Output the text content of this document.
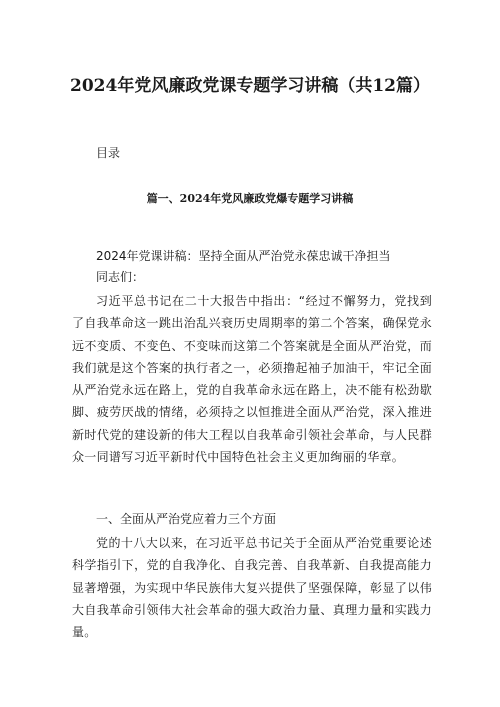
2024年党风廉政党课专题学习讲稿（共12篇）
目录
篇一、2024年党风廉政党爆专题学习讲稿
2024年党课讲稿：坚持全面从严治党永葆忠诚干净担当
同志们：
习近平总书记在二十大报告中指出：“经过不懈努力，党找到了自我革命这一跳出治乱兴衰历史周期率的第二个答案，确保党永远不变质、不变色、不变味而这第二个答案就是全面从严治党，而我们就是这个答案的执行者之一，必须撸起袖子加油干，牢记全面从严治党永远在路上，党的自我革命永远在路上，决不能有松劲歇脚、疲劳厌战的情绪，必须持之以恒推进全面从严治党，深入推进新时代党的建设新的伟大工程以自我革命引领社会革命，与人民群众一同谱写习近平新时代中国特色社会主义更加绚丽的华章。
一、全面从严治党应着力三个方面
党的十八大以来，在习近平总书记关于全面从严治党重要论述科学指引下，党的自我净化、自我完善、自我革新、自我提高能力显著增强，为实现中华民族伟大复兴提供了坚强保障，彰显了以伟大自我革命引领伟大社会革命的强大政治力量、真理力量和实践力量。
